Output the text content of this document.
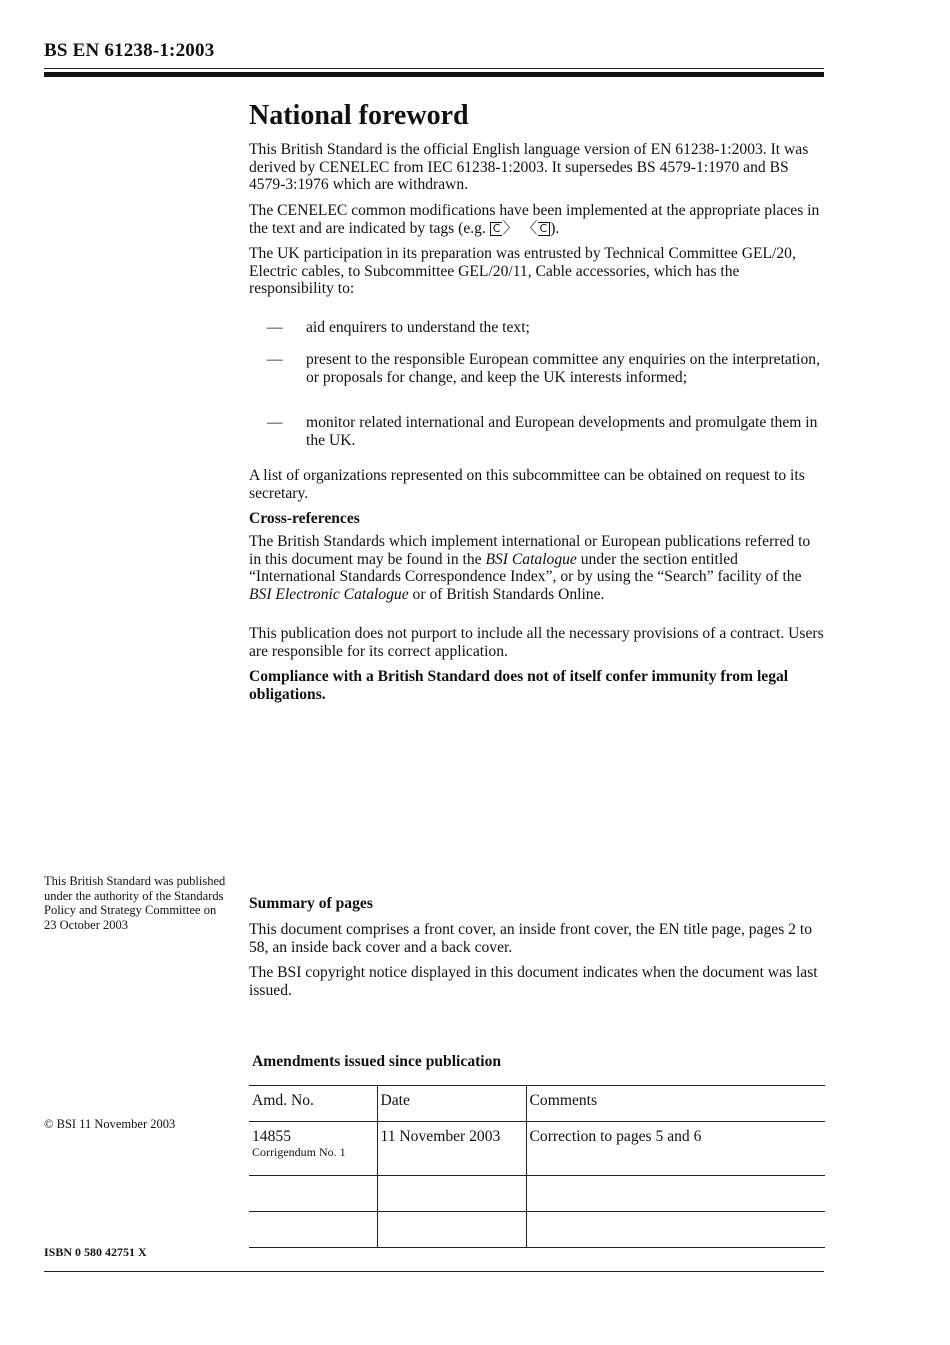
BS EN 61238-1:2003
National foreword

This British Standard is the official English language version of EN 61238-1:2003. It was derived by CENELEC from IEC 61238-1:2003. It supersedes BS 4579-1:1970 and BS 4579-3:1976 which are withdrawn.

The CENELEC common modifications have been implemented at the appropriate places in the text and are indicated by tags (e.g. C 〉 〈 C ).

The UK participation in its preparation was entrusted by Technical Committee GEL/20, Electric cables, to Subcommittee GEL/20/11, Cable accessories, which has the responsibility to:

— aid enquirers to understand the text;
— present to the responsible European committee any enquiries on the interpretation, or proposals for change, and keep the UK interests informed;
— monitor related international and European developments and promulgate them in the UK.

A list of organizations represented on this subcommittee can be obtained on request to its secretary.

Cross-references

The British Standards which implement international or European publications referred to in this document may be found in the BSI Catalogue under the section entitled “International Standards Correspondence Index”, or by using the “Search” facility of the BSI Electronic Catalogue or of British Standards Online.

This publication does not purport to include all the necessary provisions of a contract. Users are responsible for its correct application.

Compliance with a British Standard does not of itself confer immunity from legal obligations.

This British Standard was published under the authority of the Standards Policy and Strategy Committee on 23 October 2003
© BSI 11 November 2003
ISBN 0 580 42751 X

Summary of pages

This document comprises a front cover, an inside front cover, the EN title page, pages 2 to 58, an inside back cover and a back cover.

The BSI copyright notice displayed in this document indicates when the document was last issued.

Amendments issued since publication

Amd. No.	Date	Comments
14855
Corrigendum No. 1	11 November 2003	Correction to pages 5 and 6
